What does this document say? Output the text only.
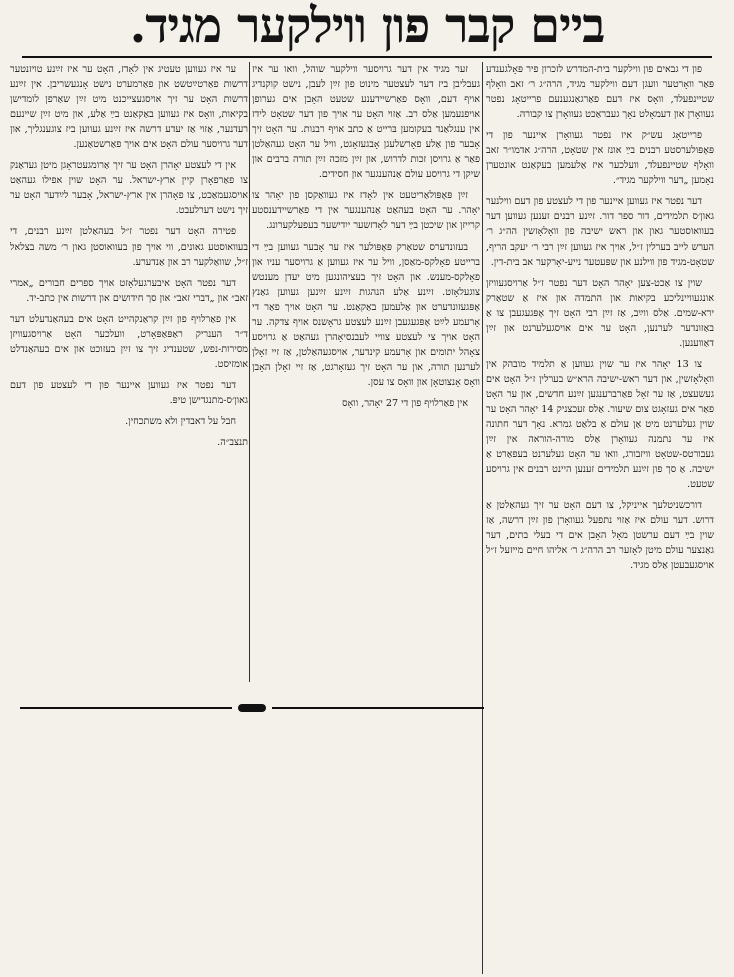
ביים קבר פון ווילקער מגיד.

פון די גבאים פון ווילקער בית-המדרש לזכרון פיר פּאָלגענדע פּאַר וואָרטער וועגן דעם ווילקער מגיד, הרה״ג ר׳ זאב וואָלף שטיינפעלד, וואָס איז דעם פאַרגאַנגענעם פרייטאָג נפטר געוואָרן און דעמאָלט נאָך געבראַכט געוואָרן צו קבורה.

פרייטאָג עש״ק איז נפטר געוואָרן איינער פון די פּאָפּולערסטע רבנים בײַ אונז אין שטאָט, הרה״ג אדמו״ר זאב וואָלף שטיינפעלד, וועלכער איז אַלעמען בעקאַנט אונטערן נאָמען „דער ווילקער מגיד״.

דער נפטר איז געווען איינער פון די לעצטע פון דעם ווילנער גאון׳ס תלמידים, דור ספר דור. זײַנע רבנים זענען געווען דער בעוואוסטער גאון און ראש ישיבה פון וואָלאָזשין הה״ג ר׳ הערש לייב בערלין ז״ל, אויך איז געווען זײַן רבי ר׳ יעקב הריף, שטאָט-מגיד פון ווילנע און שפּעטער נייע-יאָרקער אב בית-דין.

שוין צו אַכט-צען יאָהר האָט דער נפטר ז״ל אַרויסגעוויזן אונגעוויינליכע בקיאות און התמדה און איז אַ שטאַרק ירא-שמים. אַלס ווײַב, אַז זײַן רבי האָט זיך אָפּגעגעבן צו אַ באַזונדער לערנען, האָט ער אים אויסגעלערנט און זײַן דאַווענען.

צו 13 יאָהר איז ער שוין געווען אַ תלמיד מובהק אין וואָלאָזשין, און דער ראש-ישיבה הרא״ש בערלין ז״ל האָט אים געשעצט, אַז ער זאָל פאַרברענגען זײַנע חדשים, און ער האָט פאַר אים געזאָגט צום שיעור. אַלס זעכצניק 14 יאָהר האָט ער שוין געלערנט מיט אַן עולם אַ בלאַט גמרא. נאָך דער חתונה איז ער נתמנה געוואָרן אַלס מורה-הוראה אין זײַן געבורטס-שטאָט וויזבורג, וואו ער האָט געלערנט בעפאַרט אַ ישיבה. אַ סך פון זײַנע תלמידים זענען היינט רבנים אין גרויסע שטעט.

דורכשניטלעך אייניקל, צו דעם האָט ער זיך געהאַלטן אַ דרוש. דער עולם איז אַזוי נתפעל געוואָרן פון זײַן דרשה, אַז שוין בײַ דעם ערשטן מאָל האָבן אים די בעלי בתים, דער גאַנצער עולם מיטן לאָזער רב הרה״ג ר׳ אליהו חיים מייזעל ז״ל אויסגעבעטן אַלס מגיד.

זער מגיד אין דער גרויסער ווילקער שוהל, וואו ער איז געבליבן ביז דער לעצטער מינוט פון זײַן לעבן, נישט קוקנדיג אויף דעם, וואָס פאַרשיידענע שטעט האָבן אים גערופן אויפנעמען אַלס רב. אַזוי האָט ער אויך פון דער שטאָט לידז אין ענגלאַנד בעקומען בּרייט אַ כתב אויף רבנות. ער האָט זיך אָבער פון אַלע פאָרשלעגן אָבגעזאָגט, וויל ער האָט געהאַלטן פאַר אַ גרויסן זכות לדרוש, און זײַן מזכה זײַן תורה ברבים און שיקן די גרויסע עולם אַנהענגער און חסידים.

זײַן פּאָפּולאַריטעט אין לאָדז איז געוואַקסן פון יאָהר צו יאָהר. ער האָט בעהאַט אַנהענגער אין די פאַרשיידענסטע קרייזן און שיכטן בײַ דער לאָדזשער ייִדישער בעפעלקערונג.

בעזונדערס שטאַרק פּאָפּולער איז ער אָבער געווען בײַ די ברייטע פאָלקס-מאַסן, וויל ער איז געווען אַ גרויסער עניו און פאָלקס-מענש. און האָט זיך בעציהונגען מיט יעדן מענטש צוגעלאָזט. זײַנע אַלע הנהגות זײַנע זײַנען געווען גאַנץ אָפּגעזונדערט און אַלעמען באַקאַנט. ער האָט אויך פאַר די אָרעמע לײַט אָפּגעגעבן זײַנע לעצטע גראָשנס אויף צדקה. ער האָט אויך צי לעצטע צוויי לעבנסיאָהרן געהאַט אַ גרויסע צאָהל יתומים און אָרעמע קינדער, אויסגעהאַלטן, אַז זיי זאָלן לערנען תורה, און ער האָט זיך געזאָרגט, אַז זיי זאָלן האָבן וואָס אָנצוטאָן און וואָס צו עסן.

אין פאַרלויף פון די 27 יאָהר, וואָס

ער איז געווען טעטיג אין לאָדז, האָט ער איז זײַנע טויזנטער דרשות פאַרטײַטשט און פאַרמערט נישט אָנגעשריבן. אין זײַנע דרשות האָט ער זיך אויסגעצייכנט מיט זײַן שאַרפן לומדישן בקיאות, וואָס איז געווען באַקאַנט בײַ אַלע, און מיט זײַן שיינעם רעדנער, אַזוי אַז יעדע דרשה איז זײַנע געווען ביז צוגענגליך, און דער גרויסער עולם האָט אים אויך פאַרשטאַנען.

אין די לעצטע יאָהרן האָט ער זיך אַרומגעטראָגן מיטן געדאַנק צו פאַרפאָרן קיין ארץ-ישראל. ער האָט שוין אפילו געהאַט אויסגעמאַכט, צו פאָהרן אין ארץ-ישראל, אָבער לײַדער האָט ער זיך נישט דערלעבט.

פטירה האָט דער נפטר ז״ל בעהאַלטן זײַנע רבנים, די בעוואוסטע גאונים, ווי אויך פון בעוואוסטן גאון ר׳ משה בצלאל ז״ל, שוואַלקער רב און אַנדערע.

דער נפטר האָט איבערגעלאָזט אויך ספרים חבורים „אמרי זאב״ און „דברי זאב״ און סך חידושים און דרשות אין כתב-יד.

אין פאַרלויף פון זײַן קראַנקהייט האָט אים בעהאַנדעלט דער ד״ר הענריק ראַפּאַפּאָרט, וועלכער האָט אַרויסגעוויזן מסירות-נפש, שטענדיג זיך צו זײַן בעזוכט און אים בעהאַנדלט אומזיסט.

דער נפטר איז געווען איינער פון די לעצטע פון דעם גאון׳ס-מתנגדישן טיפּ.

חבל על דאבדין ולא משתכחין.

תנצב״ה.
